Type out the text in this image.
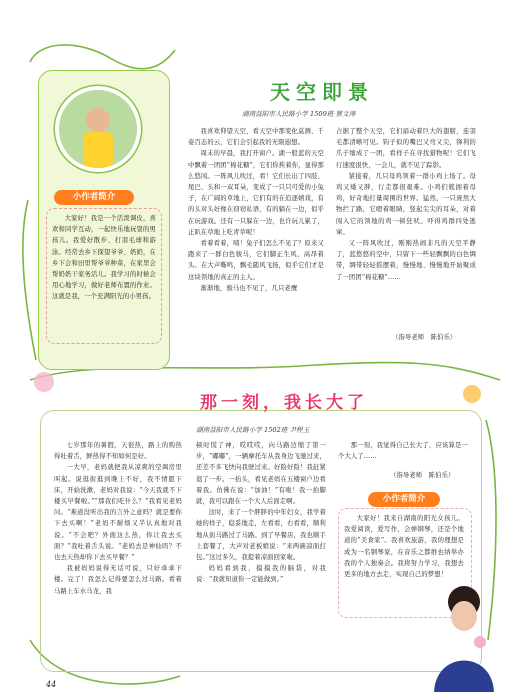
小作者简介
大家好！我是一个活泼调皮，喜欢和同学互动，一起快乐地玩耍的男孩儿。我爱好散步、打羽毛球和游泳。经常去乡下探望爷爷、奶奶，在乡下会和田里帮爷爷种菜，在家里会帮奶奶干家务活儿。我学习的时候会用心地学习，做好老师布置的作业。这就是我，一个充满阳光的小男孩。
天空即景
湖南益阳市人民路小学 1509班 蔡文涛

我喜欢仰望天空，看天空中那变化莫测、千姿百态的云，它们会引起我的无限遐想。

周末的早晨，我打开窗户。湖一般蓝的天空中飘着一团团“棉花糖”，它们你挨着你，显得那么悠闲。一阵风儿吹过，看！它们长出了四肢、尾巴、头和一双耳朵，变成了一只只可爱的小兔子，在广阔的草地上，它们有的在追逐嬉戏，有的头对头好像在窃窃私语，有的躺在一边，似乎在玩游戏。还有一只躲在一边，也许玩儿累了，正趴在草地上吃青草呢！

看着看着，咦！兔子们怎么不见了？原来又跑来了一群白色骏马，它们脚正生风，高昂着头。在大声嘶鸣，飘毛随风飞扬，似乎它们才是这块领地的真正的主人。

渐渐地，骏马也不见了，几只老鹰

占据了整个天空，它们扇动着巨大的翅膀，连羽毛都清晰可见。钩子似的嘴巴又弯又尖，锋利的爪子缩成了一团，看样子在寻找猎物呢！它们飞行速度很快，一会儿，就不见了踪影。

紧接着，几只母鸡领着一群小鸡上场了。母鸡又矮又胖，行走都很艰难。小鸡们簇拥着母鸡，好奇地打量周围的世界。猛然，一只庞然大物拦了路，它瞪着眼睛，竖起尖尖的耳朵，对着闯入它的领地的鸡一顿狂吠。吓得鸡群四处逃窜。

又一阵风吹过，刚刚热闹非凡的天空平静了，蓝悠悠的空中，只留下一些轻飘飘的白色绸带，绸带轻轻摇摆着，慢慢地、慢慢地开始聚成了一团团“棉花糖”……

（指导老师　陈伯乐）
那一刻，我长大了
湖南益阳市人民路小学 1502班 尹程玉

七岁那年的暑假，天很热，路上的购热得吐着舌，鲜热得不知如何是好。

一大早，老妈就把我从凉爽的空调房里叫起。说逛街逛到晚上不好，我不情愿下床，开始洗漱，老妈对我说：“今天我就不下楼买早餐啦。”“那我们吃什么？”我看见老妈问。“难道没听出我的言外之意吗？就是要你下去买啊！”老妈不耐烦又半认真地对我说。“不会吧？外面这么热，你让我去买面？”我吐着舌头说。“老妈去是神仙吗？不也去天热却你下去买早餐？”

我被妈妈说得无话可说，只好乖乖下楼。完了！我怎么记得要怎么过马路。看着马路上车水马龙，我

顿时慌了神，哎哎哎，向马路边缩了第一步，“嘟嘟”，一辆摩托车从我身边飞驰过来，还差不多飞快向我驶过来。好险好险！我赶紧退了一步。一抬头，看见老妈在五楼窗户边看着我。仿佛在说：“加油！”有啦！我一抬脚就，我可以跟在一个大人后面走啊。

这时，来了一个胖胖的中年妇女，我学着她的样子，稳妥地走，左看看，右看看，顺利地从街马路过了马路。到了早餐店，我也顺手上套餐了，大声对老板娘说：“来两碗凉面打包。”这过多久，我提着凉面回家啦。

妈妈看到我，摸摸我的脑袋，对我说：“我就知道你一定能做到。”

那一刻，我觉得自己长大了，应该算是一个大人了……

（指导老师　陈伯乐）
小作者简介
大家好！我来自湖南的阳光女孩儿。我爱阅读，爱写作，会弹钢琴，还是个地道的“美食家”。我喜欢旅游，我的理想是成为一名钢琴家，在音乐之都维也纳举办我的个人独奏会。我将努力学习，我想去更多的地方去走，实现自己的梦想！
44
